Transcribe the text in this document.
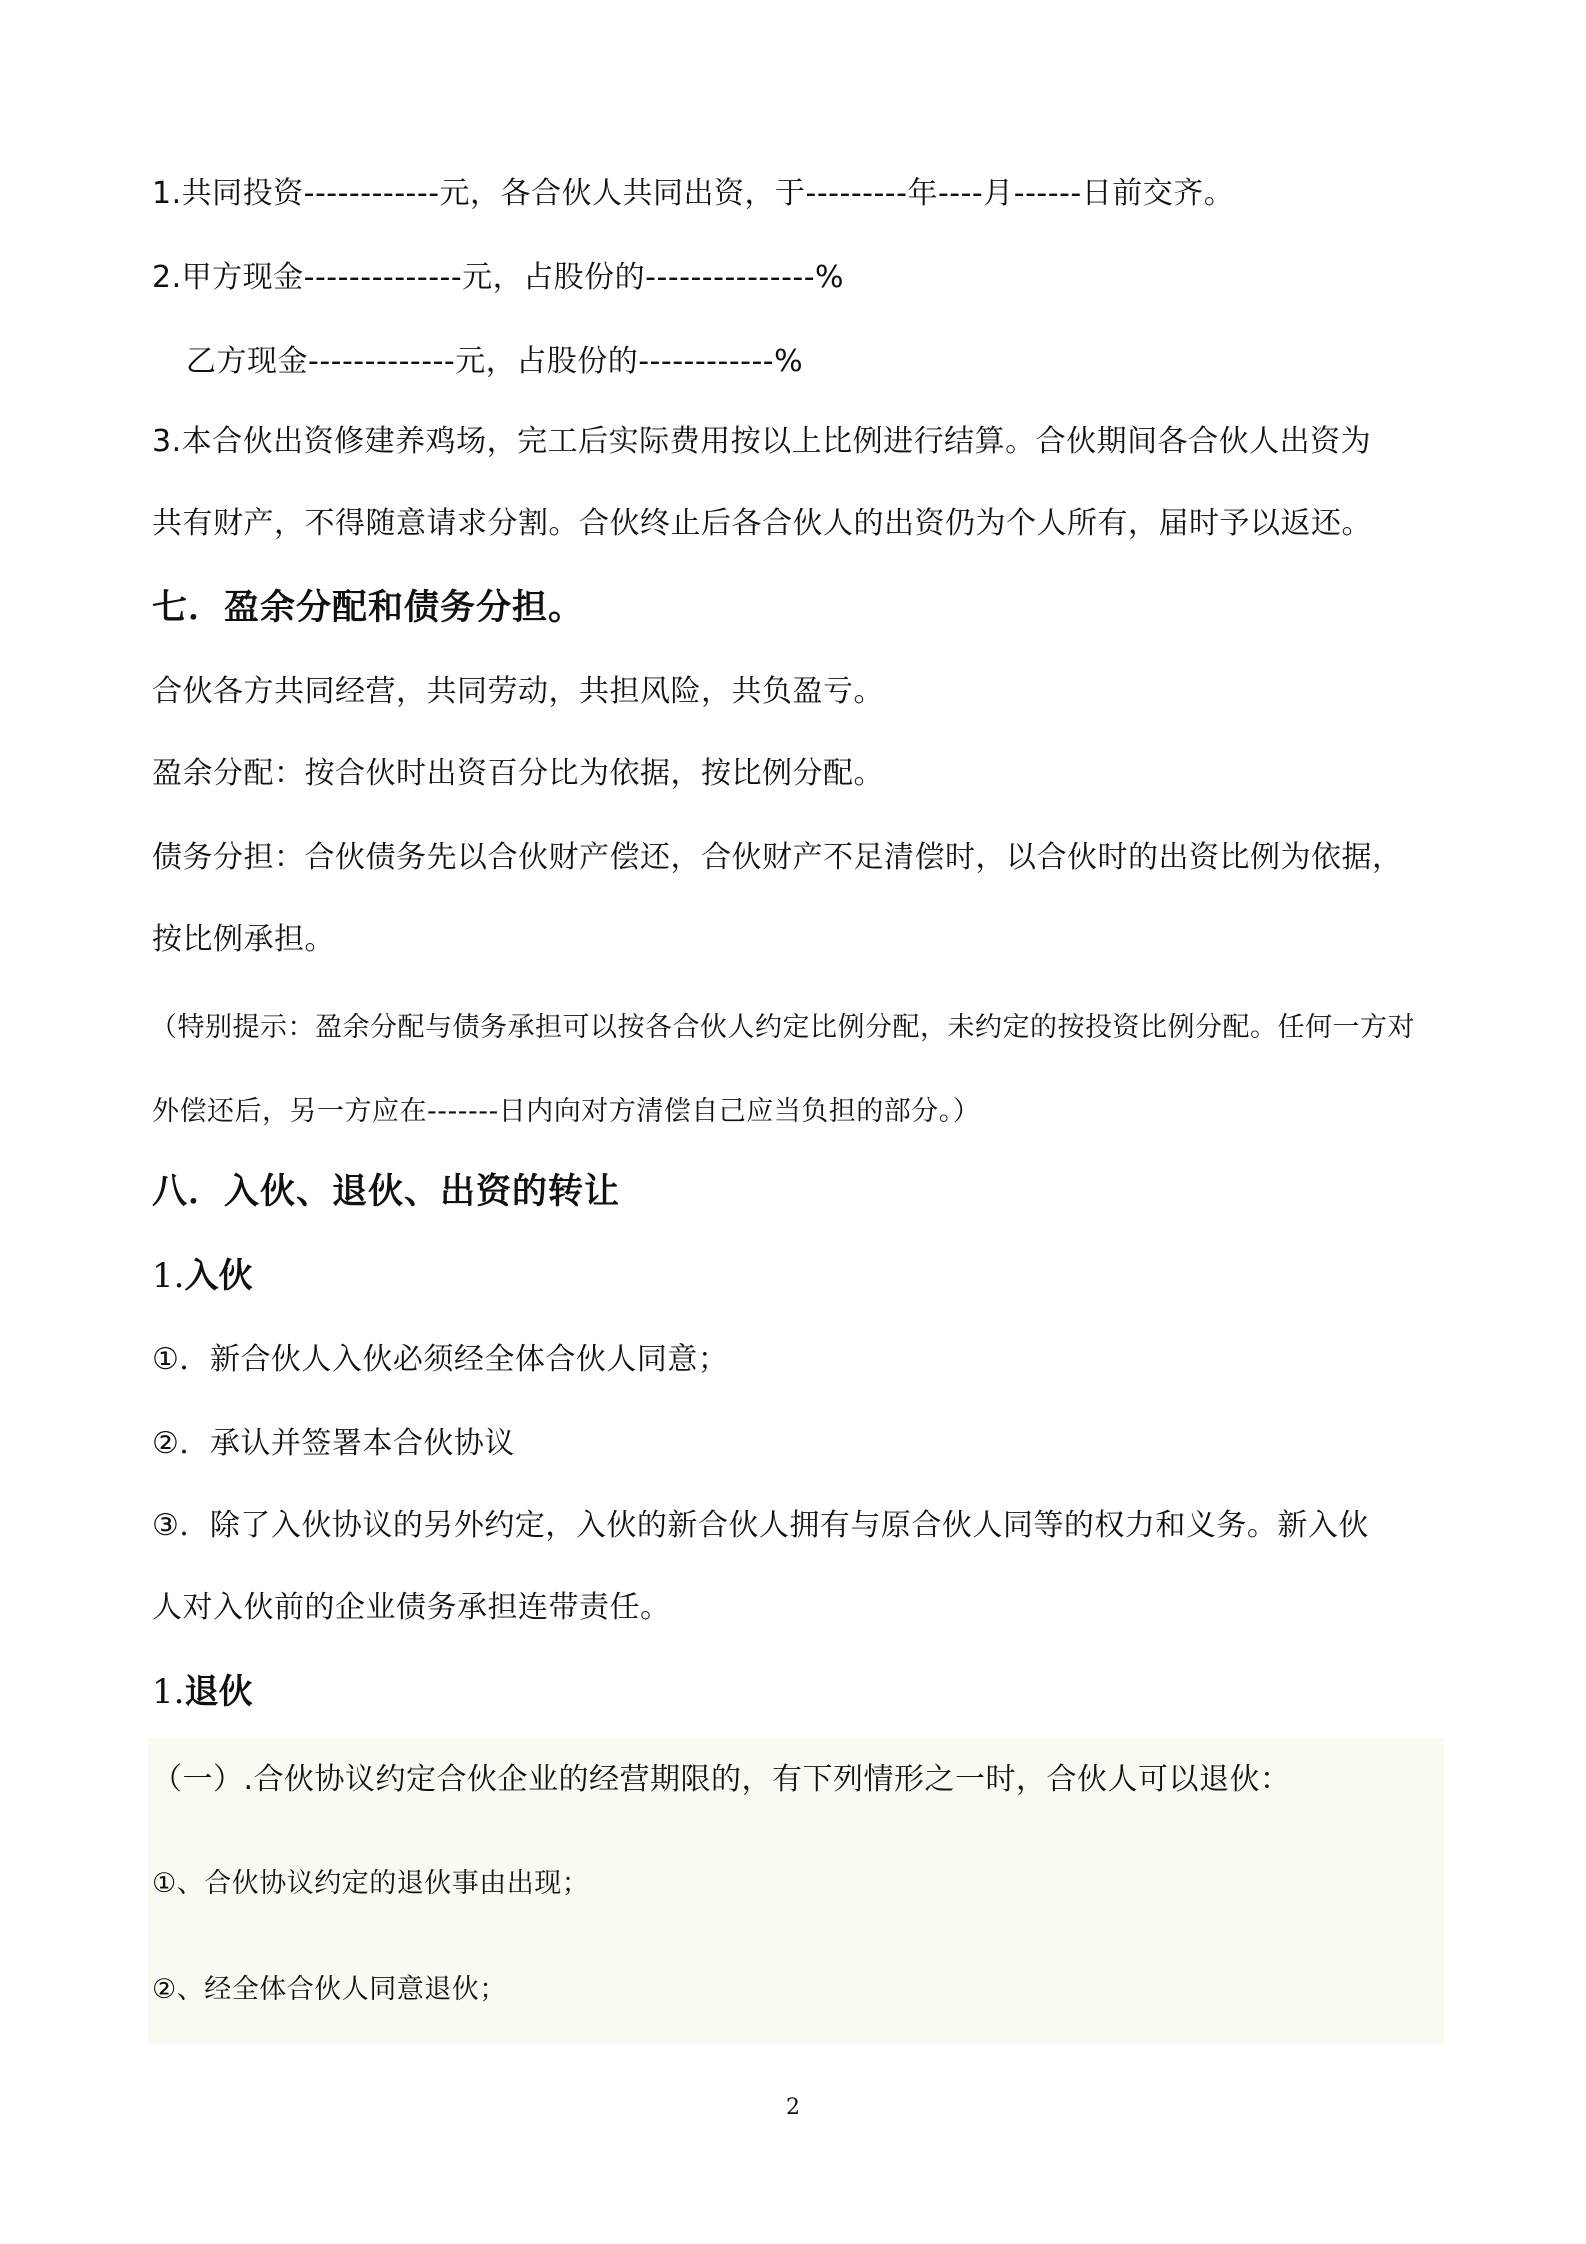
1.共同投资------------元，各合伙人共同出资，于---------年----月------日前交齐。
2.甲方现金--------------元，占股份的---------------%
乙方现金-------------元，占股份的------------%
3.本合伙出资修建养鸡场，完工后实际费用按以上比例进行结算。合伙期间各合伙人出资为
共有财产，不得随意请求分割。合伙终止后各合伙人的出资仍为个人所有，届时予以返还。
七．盈余分配和债务分担。
合伙各方共同经营，共同劳动，共担风险，共负盈亏。
盈余分配：按合伙时出资百分比为依据，按比例分配。
债务分担：合伙债务先以合伙财产偿还，合伙财产不足清偿时，以合伙时的出资比例为依据，
按比例承担。
（特别提示：盈余分配与债务承担可以按各合伙人约定比例分配，未约定的按投资比例分配。任何一方对
外偿还后，另一方应在-------日内向对方清偿自己应当负担的部分。）
八．入伙、退伙、出资的转让
1.入伙
①．新合伙人入伙必须经全体合伙人同意；
②．承认并签署本合伙协议
③．除了入伙协议的另外约定，入伙的新合伙人拥有与原合伙人同等的权力和义务。新入伙
人对入伙前的企业债务承担连带责任。
1.退伙
（一）.合伙协议约定合伙企业的经营期限的，有下列情形之一时，合伙人可以退伙：
①、合伙协议约定的退伙事由出现；
②、经全体合伙人同意退伙；
2
